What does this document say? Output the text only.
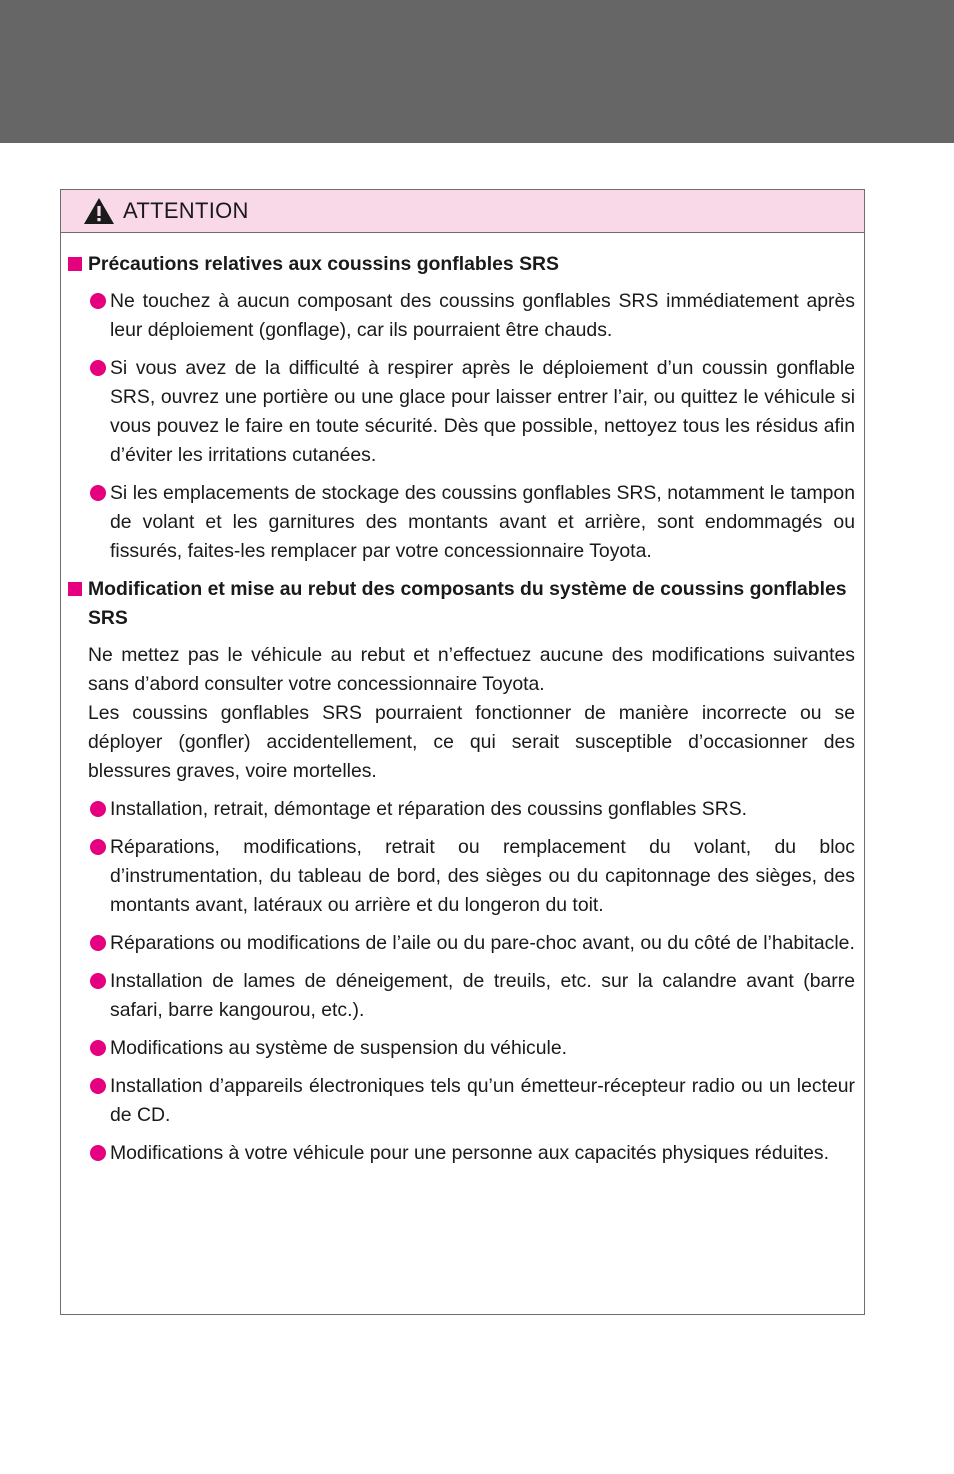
ATTENTION
Précautions relatives aux coussins gonflables SRS
Ne touchez à aucun composant des coussins gonflables SRS immédiatement après leur déploiement (gonflage), car ils pourraient être chauds.
Si vous avez de la difficulté à respirer après le déploiement d’un coussin gonflable SRS, ouvrez une portière ou une glace pour laisser entrer l’air, ou quittez le véhicule si vous pouvez le faire en toute sécurité. Dès que possible, nettoyez tous les résidus afin d’éviter les irritations cutanées.
Si les emplacements de stockage des coussins gonflables SRS, notamment le tampon de volant et les garnitures des montants avant et arrière, sont endommagés ou fissurés, faites-les remplacer par votre concessionnaire Toyota.
Modification et mise au rebut des composants du système de coussins gonflables SRS

Ne mettez pas le véhicule au rebut et n’effectuez aucune des modifications suivantes sans d’abord consulter votre concessionnaire Toyota.

Les coussins gonflables SRS pourraient fonctionner de manière incorrecte ou se déployer (gonfler) accidentellement, ce qui serait susceptible d’occasionner des blessures graves, voire mortelles.

Installation, retrait, démontage et réparation des coussins gonflables SRS.
Réparations, modifications, retrait ou remplacement du volant, du bloc d’instrumentation, du tableau de bord, des sièges ou du capitonnage des sièges, des montants avant, latéraux ou arrière et du longeron du toit.
Réparations ou modifications de l’aile ou du pare-choc avant, ou du côté de l’habitacle.
Installation de lames de déneigement, de treuils, etc. sur la calandre avant (barre safari, barre kangourou, etc.).
Modifications au système de suspension du véhicule.
Installation d’appareils électroniques tels qu’un émetteur-récepteur radio ou un lecteur de CD.
Modifications à votre véhicule pour une personne aux capacités physiques réduites.
